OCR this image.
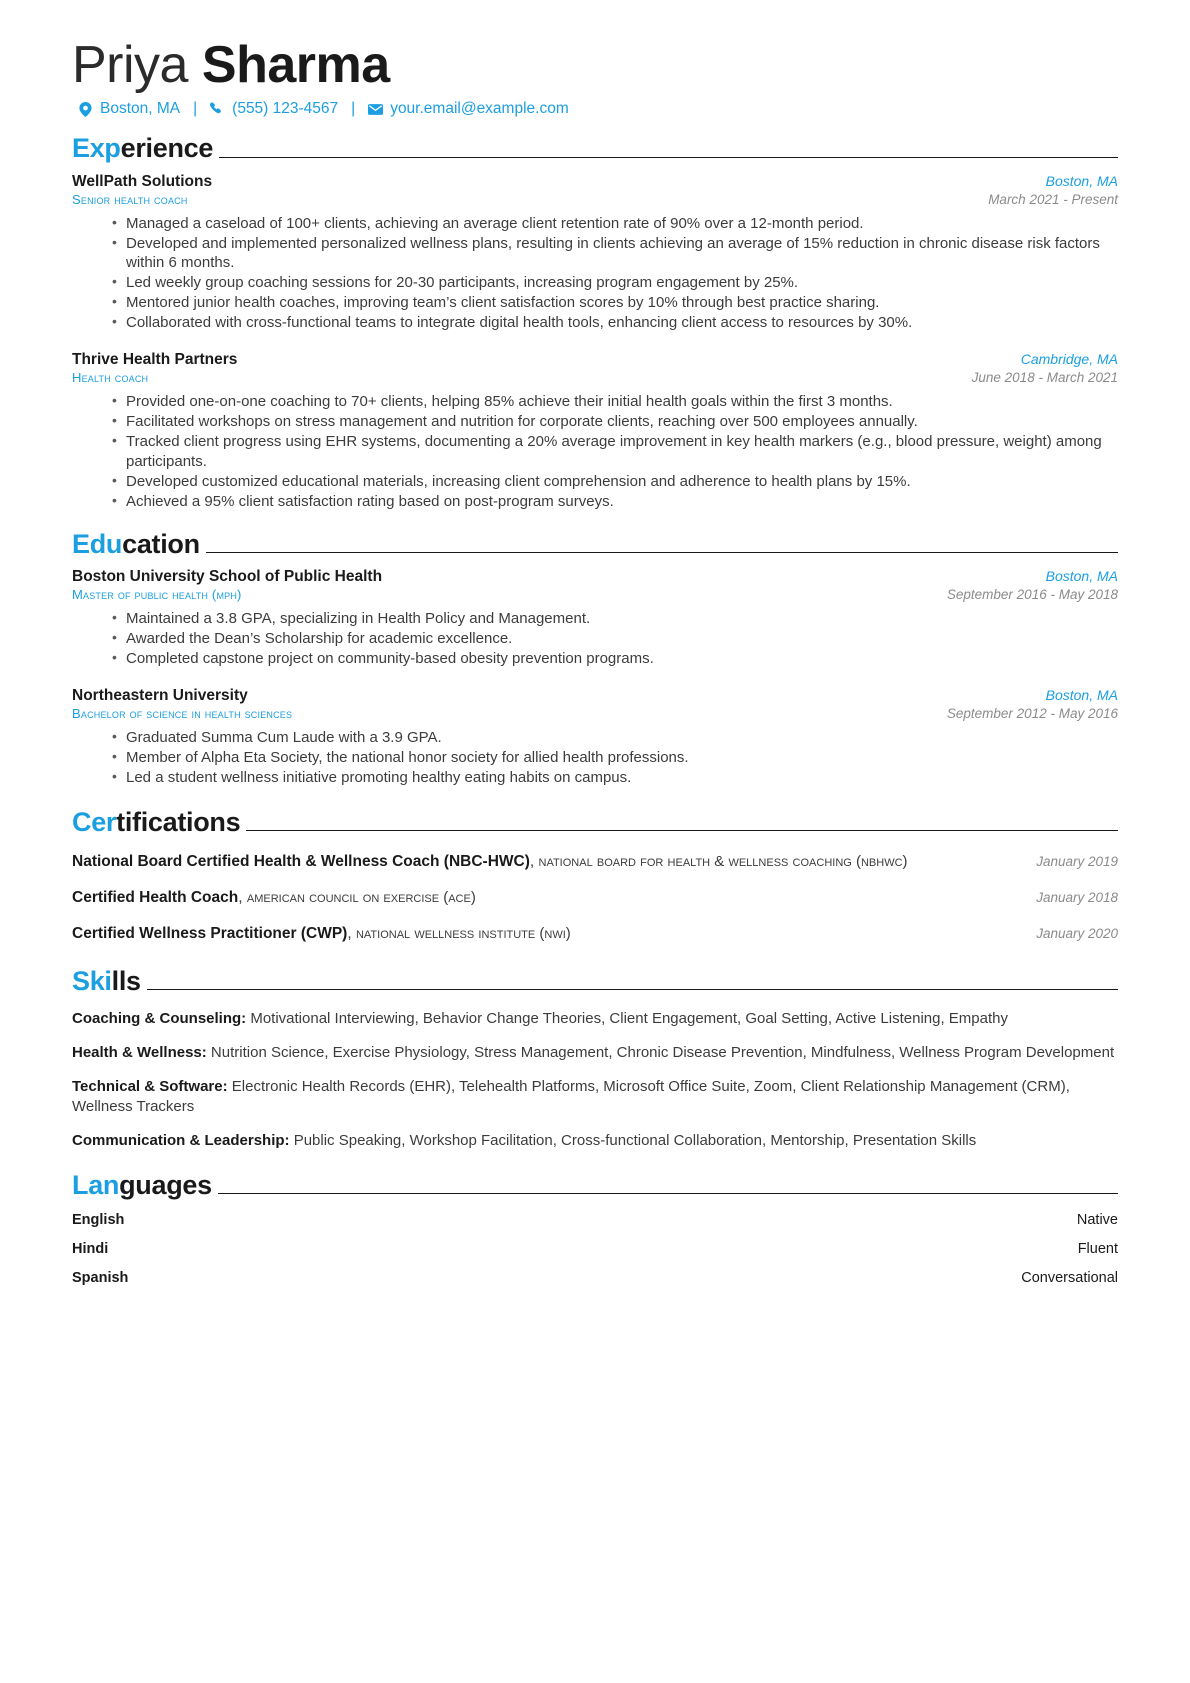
Priya Sharma
Boston, MA |	(555) 123-4567 |	your.email@example.com
Experience
WellPath Solutions	Boston, MA
Senior health coach	March 2021 - Present
• Managed a caseload of 100+ clients, achieving an average client retention rate of 90% over a 12-month period.
• Developed and implemented personalized wellness plans, resulting in clients achieving an average of 15% reduction in chronic disease risk factors within 6 months.
• Led weekly group coaching sessions for 20-30 participants, increasing program engagement by 25%.
• Mentored junior health coaches, improving team’s client satisfaction scores by 10% through best practice sharing.
• Collaborated with cross-functional teams to integrate digital health tools, enhancing client access to resources by 30%.
Thrive Health Partners	Cambridge, MA
Health coach	June 2018 - March 2021
• Provided one-on-one coaching to 70+ clients, helping 85% achieve their initial health goals within the first 3 months.
• Facilitated workshops on stress management and nutrition for corporate clients, reaching over 500 employees annually.
• Tracked client progress using EHR systems, documenting a 20% average improvement in key health markers (e.g., blood pressure, weight) among participants.
• Developed customized educational materials, increasing client comprehension and adherence to health plans by 15%.
• Achieved a 95% client satisfaction rating based on post-program surveys.
Education
Boston University School of Public Health	Boston, MA
Master of public health (mph)	September 2016 - May 2018
• Maintained a 3.8 GPA, specializing in Health Policy and Management.
• Awarded the Dean’s Scholarship for academic excellence.
• Completed capstone project on community-based obesity prevention programs.
Northeastern University	Boston, MA
Bachelor of science in health sciences	September 2012 - May 2016
• Graduated Summa Cum Laude with a 3.9 GPA.
• Member of Alpha Eta Society, the national honor society for allied health professions.
• Led a student wellness initiative promoting healthy eating habits on campus.
Certifications
National Board Certified Health & Wellness Coach (NBC-HWC), national board for health & wellness coaching (nbhwc)	January 2019
Certified Health Coach, american council on exercise (ace)	January 2018
Certified Wellness Practitioner (CWP), national wellness institute (nwi)	January 2020
Skills
Coaching & Counseling: Motivational Interviewing, Behavior Change Theories, Client Engagement, Goal Setting, Active Listening, Empathy
Health & Wellness: Nutrition Science, Exercise Physiology, Stress Management, Chronic Disease Prevention, Mindfulness, Wellness Program Development
Technical & Software: Electronic Health Records (EHR), Telehealth Platforms, Microsoft Office Suite, Zoom, Client Relationship Management (CRM), Wellness Trackers
Communication & Leadership: Public Speaking, Workshop Facilitation, Cross-functional Collaboration, Mentorship, Presentation Skills
Languages
English	Native
Hindi	Fluent
Spanish	Conversational
